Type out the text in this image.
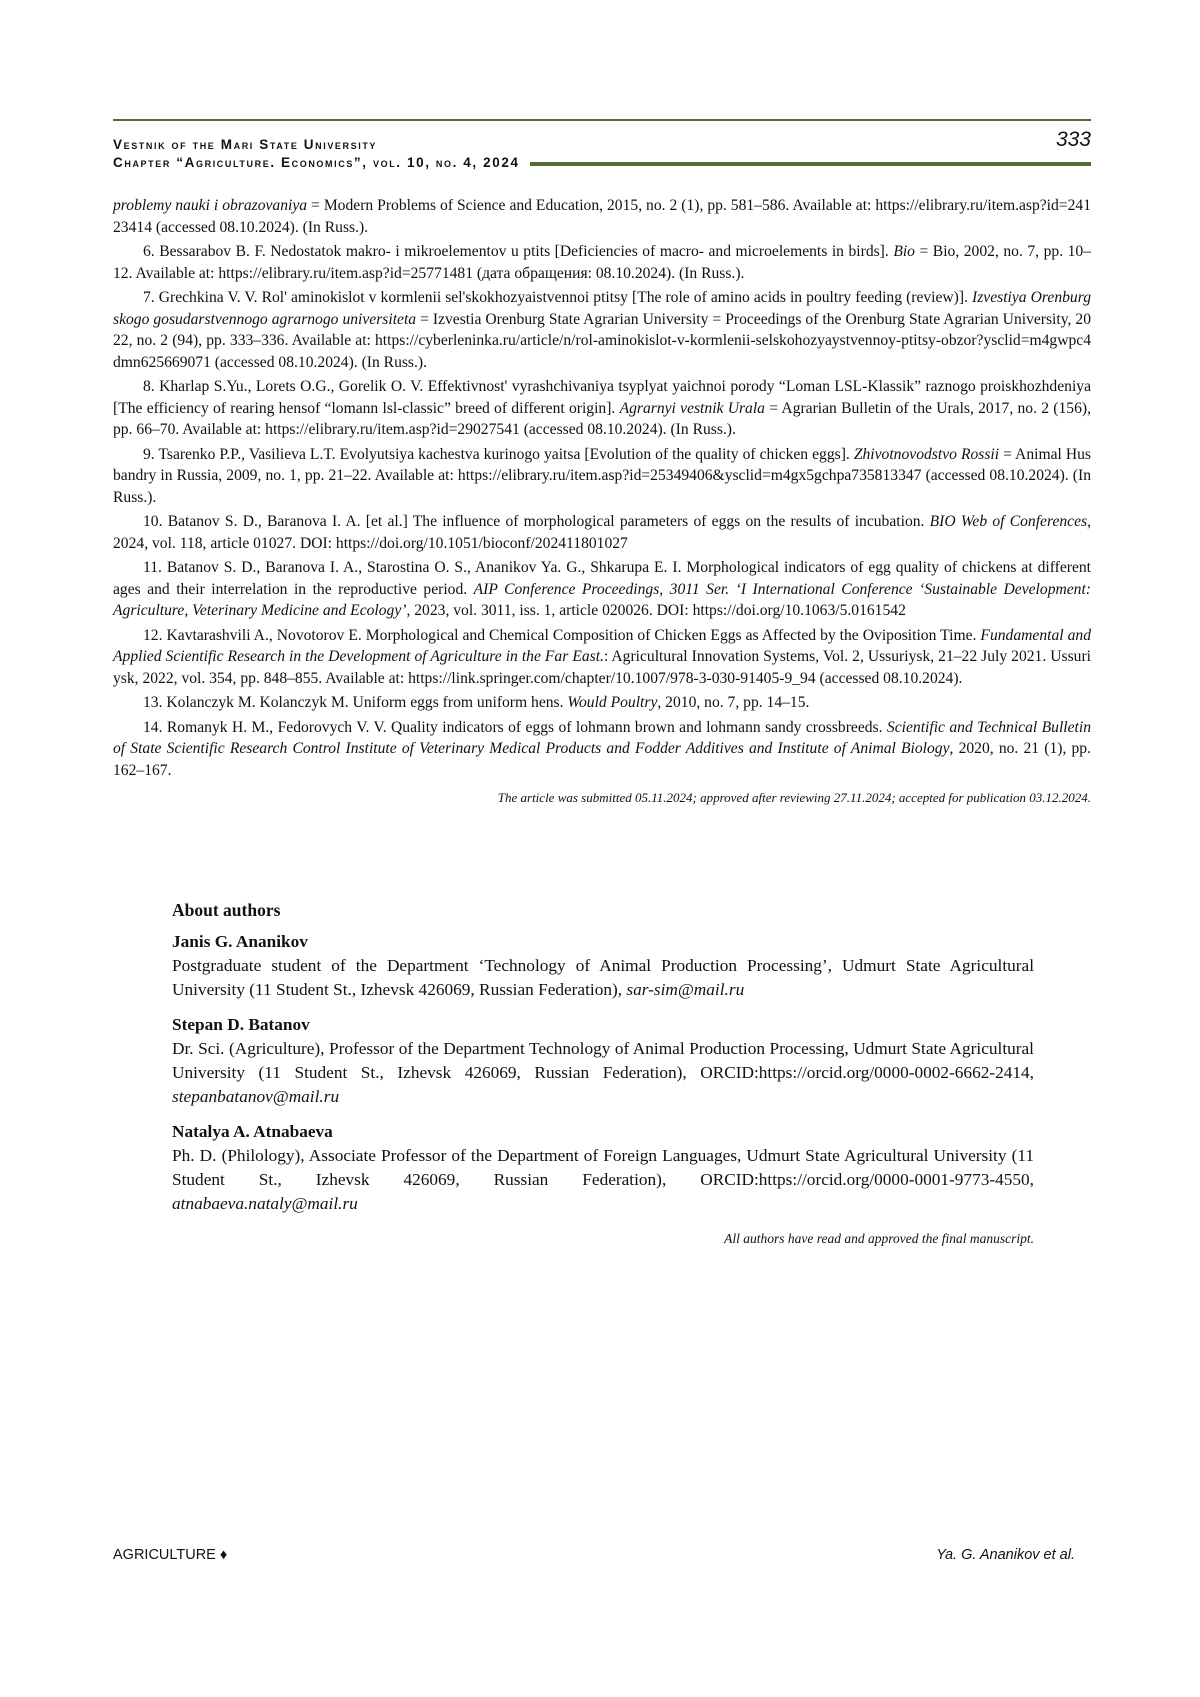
Vestnik of the Mari State University
Chapter “Agriculture. Economics”, vol. 10, no. 4, 2024
333

problemy nauki i obrazovaniya = Modern Problems of Science and Education, 2015, no. 2 (1), pp. 581–586. Available at: https://elibrary.ru/item.asp?id=24123414 (accessed 08.10.2024). (In Russ.).

6. Bessarabov B. F. Nedostatok makro- i mikroelementov u ptits [Deficiencies of macro- and microelements in birds]. Bio = Bio, 2002, no. 7, pp. 10–12. Available at: https://elibrary.ru/item.asp?id=25771481 (дата обращения: 08.10.2024). (In Russ.).

7. Grechkina V. V. Rol' aminokislot v kormlenii sel'skokhozyaistvennoi ptitsy [The role of amino acids in poultry feeding (review)]. Izvestiya Orenburgskogo gosudarstvennogo agrarnogo universiteta = Izvestia Orenburg State Agrarian University = Proceedings of the Orenburg State Agrarian University, 2022, no. 2 (94), pp. 333–336. Available at: https://cyberleninka.ru/article/n/rol-aminokislot-v-kormlenii-selskohozyaystvennoy-ptitsy-obzor?ysclid=m4gwpc4dmn625669071 (accessed 08.10.2024). (In Russ.).

8. Kharlap S.Yu., Lorets O.G., Gorelik O. V. Effektivnost' vyrashchivaniya tsyplyat yaichnoi porody “Loman LSL-Klassik” raznogo proiskhozhdeniya [The efficiency of rearing hensof “lomann lsl-classic” breed of different origin]. Agrarnyi vestnik Urala = Agrarian Bulletin of the Urals, 2017, no. 2 (156), pp. 66–70. Available at: https://elibrary.ru/item.asp?id=29027541 (accessed 08.10.2024). (In Russ.).

9. Tsarenko P.P., Vasilieva L.T. Evolyutsiya kachestva kurinogo yaitsa [Evolution of the quality of chicken eggs]. Zhivotnovodstvo Rossii = Animal Husbandry in Russia, 2009, no. 1, pp. 21–22. Available at: https://elibrary.ru/item.asp?id=25349406&ysclid=m4gx5gchpa735813347 (accessed 08.10.2024). (In Russ.).

10. Batanov S. D., Baranova I. A. [et al.] The influence of morphological parameters of eggs on the results of incubation. BIO Web of Conferences, 2024, vol. 118, article 01027. DOI: https://doi.org/10.1051/bioconf/202411801027

11. Batanov S. D., Baranova I. A., Starostina O. S., Ananikov Ya. G., Shkarupa E. I. Morphological indicators of egg quality of chickens at different ages and their interrelation in the reproductive period. AIP Conference Proceedings, 3011 Ser. ‘I International Conference ‘Sustainable Development: Agriculture, Veterinary Medicine and Ecology’, 2023, vol. 3011, iss. 1, article 020026. DOI: https://doi.org/10.1063/5.0161542

12. Kavtarashvili A., Novotorov E. Morphological and Chemical Composition of Chicken Eggs as Affected by the Oviposition Time. Fundamental and Applied Scientific Research in the Development of Agriculture in the Far East.: Agricultural Innovation Systems, Vol. 2, Ussuriysk, 21–22 July 2021. Ussuriysk, 2022, vol. 354, pp. 848–855. Available at: https://link.springer.com/chapter/10.1007/978-3-030-91405-9_94 (accessed 08.10.2024).

13. Kolanczyk M. Kolanczyk M. Uniform eggs from uniform hens. Would Poultry, 2010, no. 7, pp. 14–15.

14. Romanyk H. M., Fedorovych V. V. Quality indicators of eggs of lohmann brown and lohmann sandy crossbreeds. Scientific and Technical Bulletin of State Scientific Research Control Institute of Veterinary Medical Products and Fodder Additives and Institute of Animal Biology, 2020, no. 21 (1), pp. 162–167.

The article was submitted 05.11.2024; approved after reviewing 27.11.2024; accepted for publication 03.12.2024.

About authors
Janis G. Ananikov
Postgraduate student of the Department ‘Technology of Animal Production Processing’, Udmurt State Agricultural University (11 Student St., Izhevsk 426069, Russian Federation), sar-sim@mail.ru
Stepan D. Batanov
Dr. Sci. (Agriculture), Professor of the Department Technology of Animal Production Processing, Udmurt State Agricultural University (11 Student St., Izhevsk 426069, Russian Federation), ORCID:https://orcid.org/0000-0002-6662-2414, stepanbatanov@mail.ru
Natalya A. Atnabaeva
Ph. D. (Philology), Associate Professor of the Department of Foreign Languages, Udmurt State Agricultural University (11 Student St., Izhevsk 426069, Russian Federation), ORCID:https://orcid.org/0000-0001-9773-4550, atnabaeva.nataly@mail.ru
All authors have read and approved the final manuscript.
AGRICULTURE ♦	Ya. G. Ananikov et al.
